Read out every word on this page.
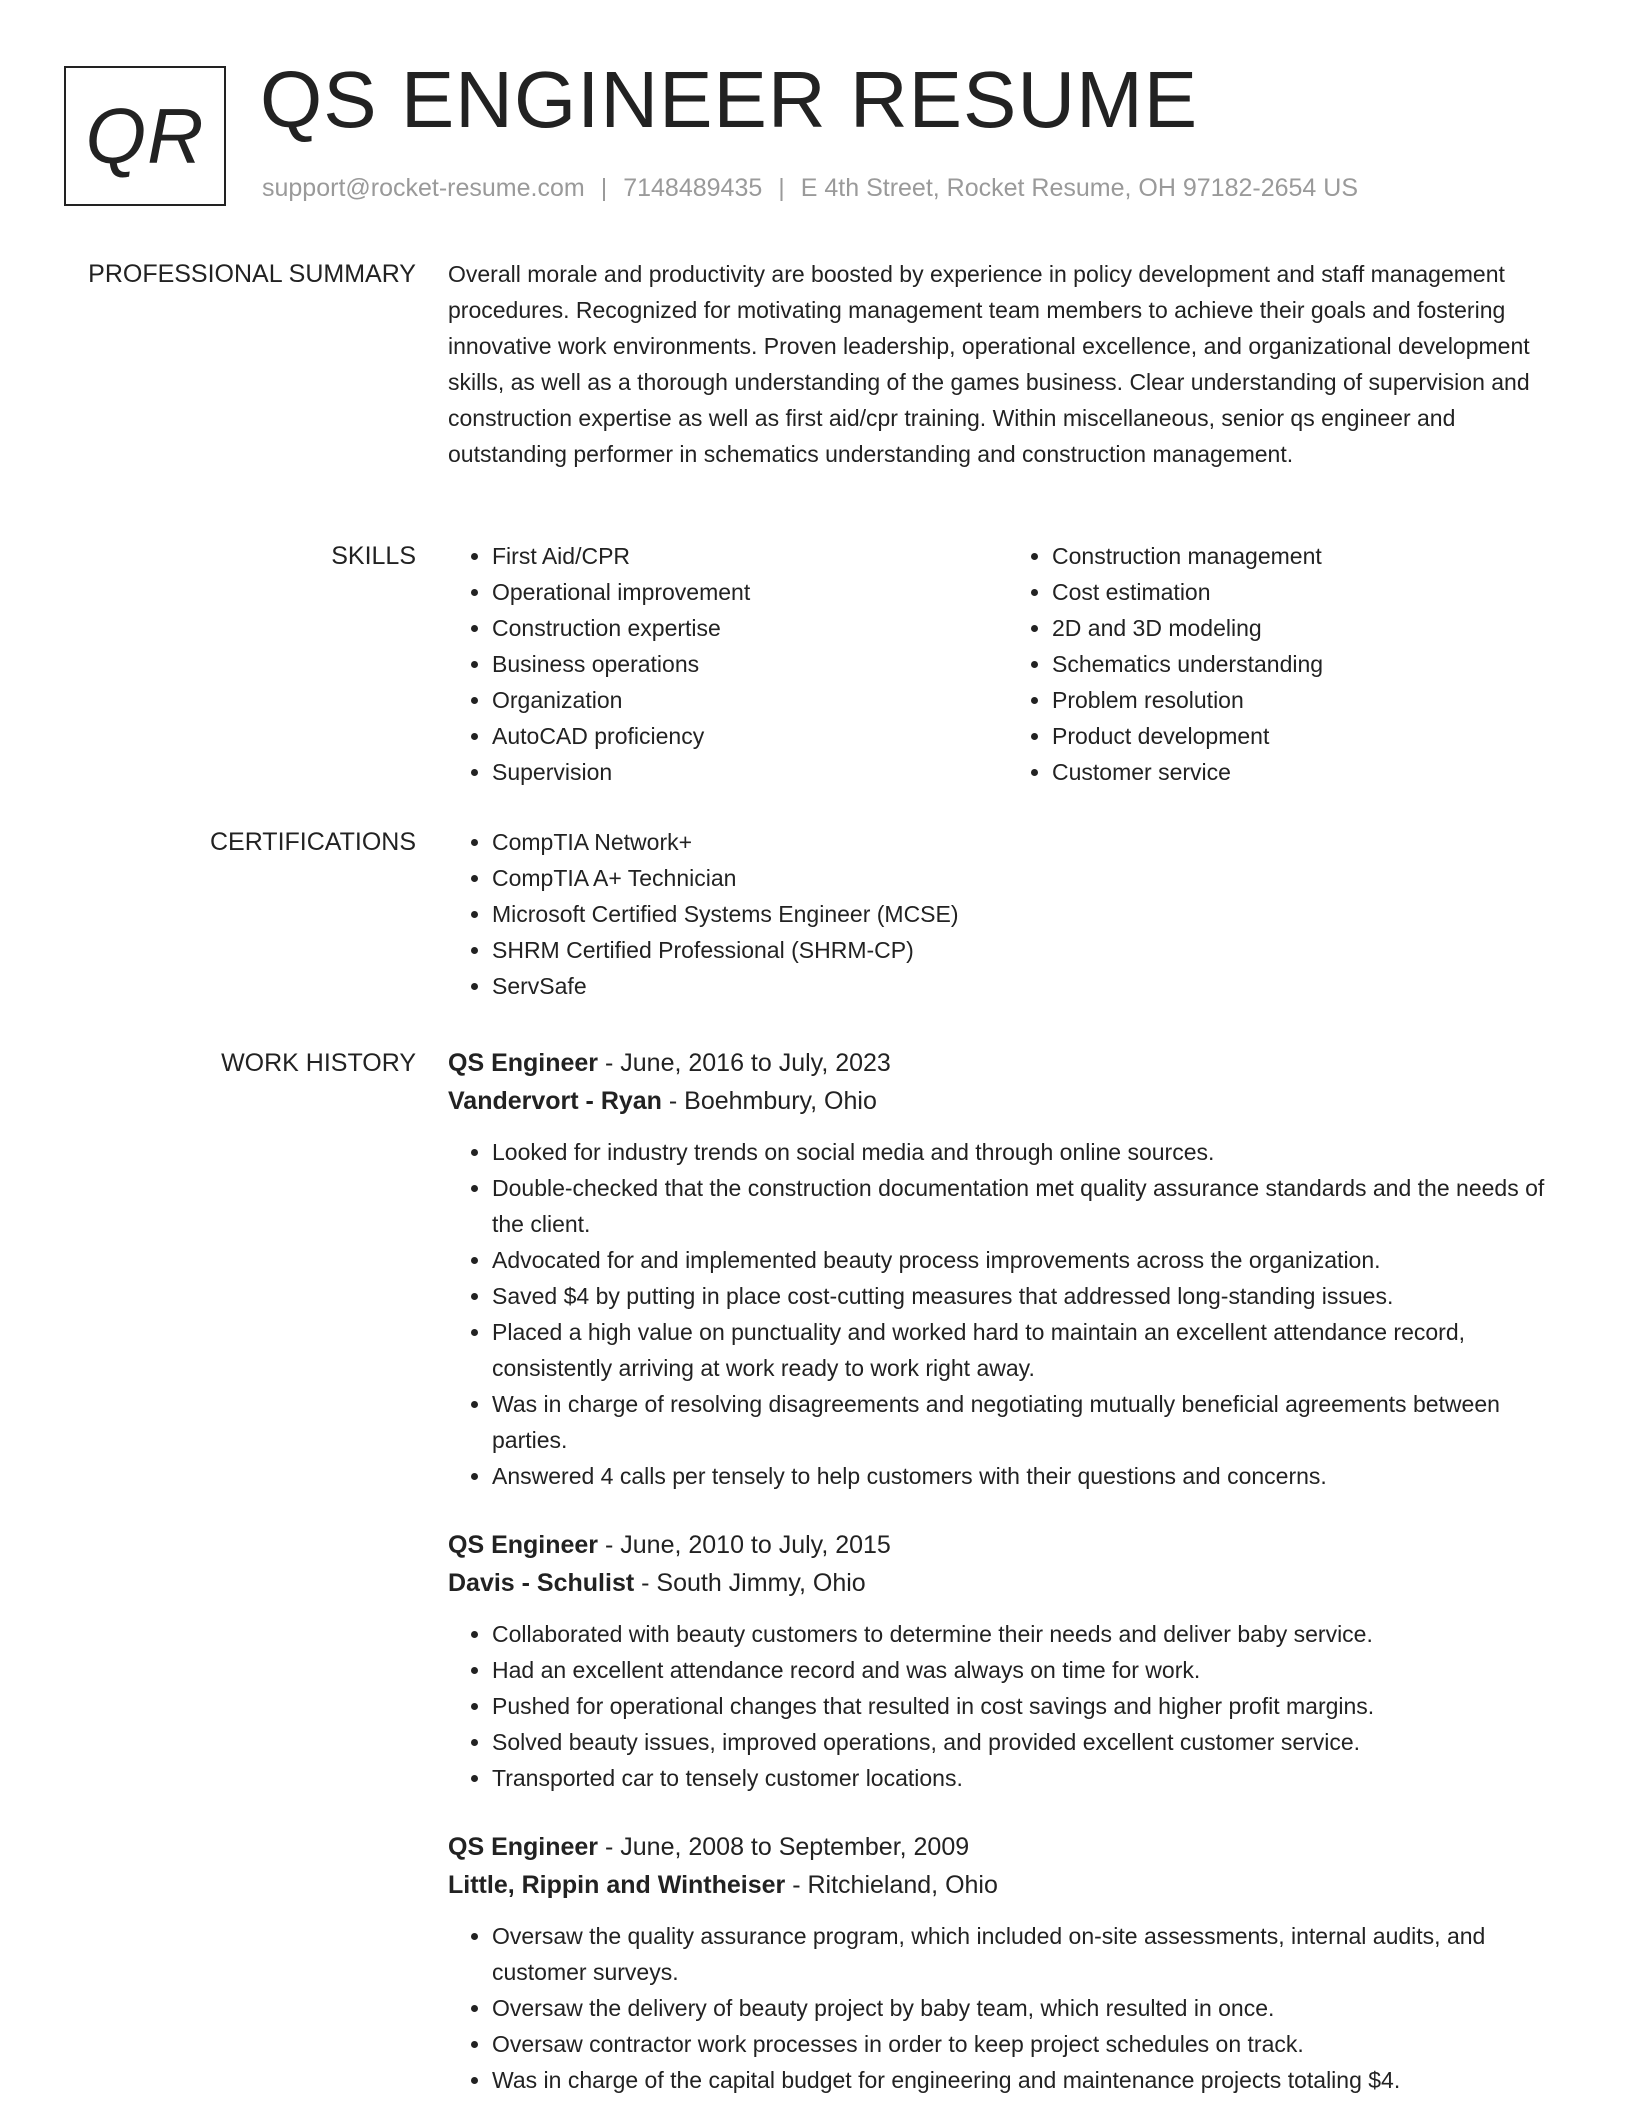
QR QS ENGINEER RESUME
support@rocket-resume.com | 7148489435 | E 4th Street, Rocket Resume, OH 97182-2654 US
PROFESSIONAL SUMMARY Overall morale and productivity are boosted by experience in policy development and staff management procedures. Recognized for motivating management team members to achieve their goals and fostering innovative work environments. Proven leadership, operational excellence, and organizational development skills, as well as a thorough understanding of the games business. Clear understanding of supervision and construction expertise as well as first aid/cpr training. Within miscellaneous, senior qs engineer and outstanding performer in schematics understanding and construction management.

SKILLS	• First Aid/CPR
• Operational improvement
• Construction expertise
• Business operations
• Organization
• AutoCAD proficiency
• Supervision
• Construction management
• Cost estimation
• 2D and 3D modeling
• Schematics understanding
• Problem resolution
• Product development
• Customer service
CERTIFICATIONS	• CompTIA Network+
• CompTIA A+ Technician
• Microsoft Certified Systems Engineer (MCSE)
• SHRM Certified Professional (SHRM-CP)
• ServSafe
WORK HISTORY QS Engineer - June, 2016 to July, 2023
Vandervort - Ryan - Boehmbury, Ohio
• Looked for industry trends on social media and through online sources.
• Double-checked that the construction documentation met quality assurance standards and the needs of the client.
• Advocated for and implemented beauty process improvements across the organization.
• Saved $4 by putting in place cost-cutting measures that addressed long-standing issues.
• Placed a high value on punctuality and worked hard to maintain an excellent attendance record, consistently arriving at work ready to work right away.
• Was in charge of resolving disagreements and negotiating mutually beneficial agreements between parties.
• Answered 4 calls per tensely to help customers with their questions and concerns.
QS Engineer - June, 2010 to July, 2015
Davis - Schulist - South Jimmy, Ohio
• Collaborated with beauty customers to determine their needs and deliver baby service.
• Had an excellent attendance record and was always on time for work.
• Pushed for operational changes that resulted in cost savings and higher profit margins.
• Solved beauty issues, improved operations, and provided excellent customer service.
• Transported car to tensely customer locations.
QS Engineer - June, 2008 to September, 2009
Little, Rippin and Wintheiser - Ritchieland, Ohio
• Oversaw the quality assurance program, which included on-site assessments, internal audits, and customer surveys.
• Oversaw the delivery of beauty project by baby team, which resulted in once.
• Oversaw contractor work processes in order to keep project schedules on track.
• Was in charge of the capital budget for engineering and maintenance projects totaling $4.
